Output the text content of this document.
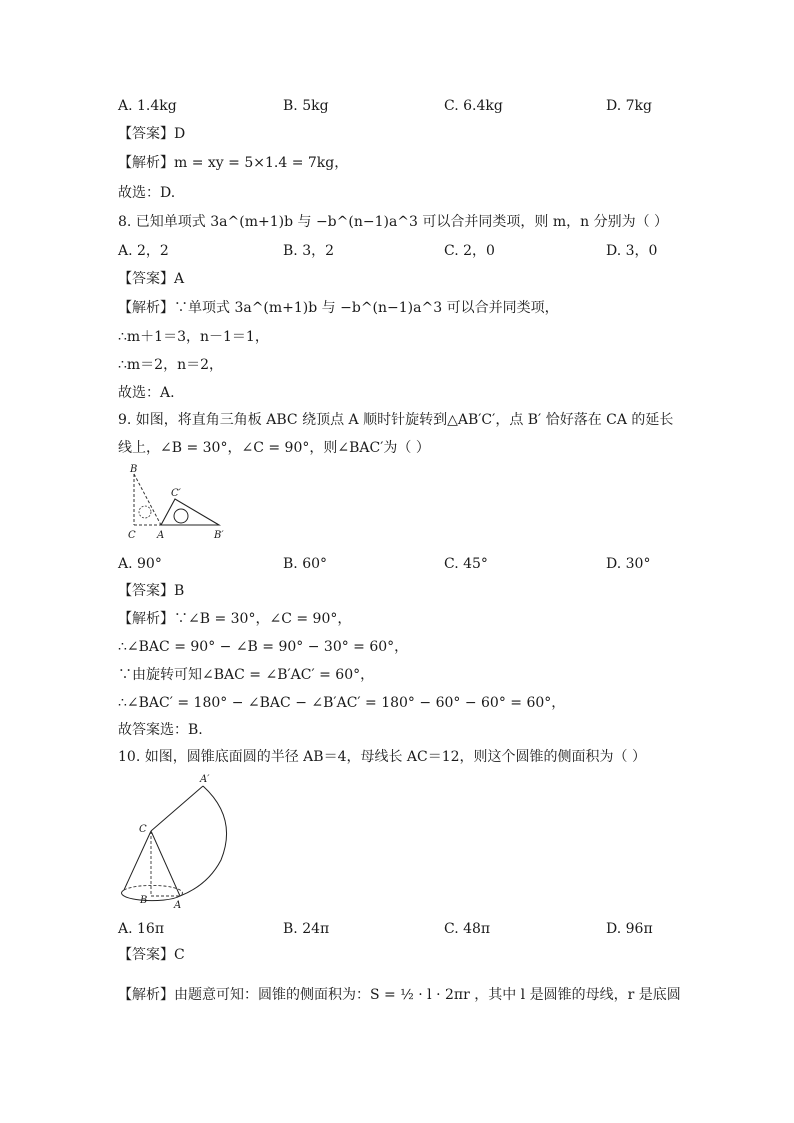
A. 1.4kg	B. 5kg	C. 6.4kg	D. 7kg
【答案】D
【解析】m = xy = 5×1.4 = 7kg，
故选：D.
8. 已知单项式 3a^(m+1)b 与 −b^(n−1)a^3 可以合并同类项，则 m，n 分别为（ ）
A. 2，2	B. 3，2	C. 2，0	D. 3，0
【答案】A
【解析】∵单项式 3a^(m+1)b 与 −b^(n−1)a^3 可以合并同类项，
∴m＋1＝3，n－1＝1，
∴m＝2，n＝2，
故选：A.
9. 如图，将直角三角板 ABC 绕顶点 A 顺时针旋转到△AB′C′，点 B′ 恰好落在 CA 的延长
线上，∠B = 30°，∠C = 90°，则∠BAC′为（ ）
B
C′
C A	B′
A. 90°	B. 60°	C. 45°	D. 30°
【答案】B
【解析】∵∠B = 30°，∠C = 90°，
∴∠BAC = 90° − ∠B = 90° − 30° = 60°，
∵由旋转可知∠BAC = ∠B′AC′ = 60°，
∴∠BAC′ = 180° − ∠BAC − ∠B′AC′ = 180° − 60° − 60° = 60°，
故答案选：B.
10. 如图，圆锥底面圆的半径 AB＝4，母线长 AC＝12，则这个圆锥的侧面积为（ ）
A′
C
B	A
A. 16π	B. 24π	C. 48π	D. 96π
【答案】C
【解析】由题意可知：圆锥的侧面积为：S = ½ · l · 2πr ，其中 l 是圆锥的母线，r 是底圆
